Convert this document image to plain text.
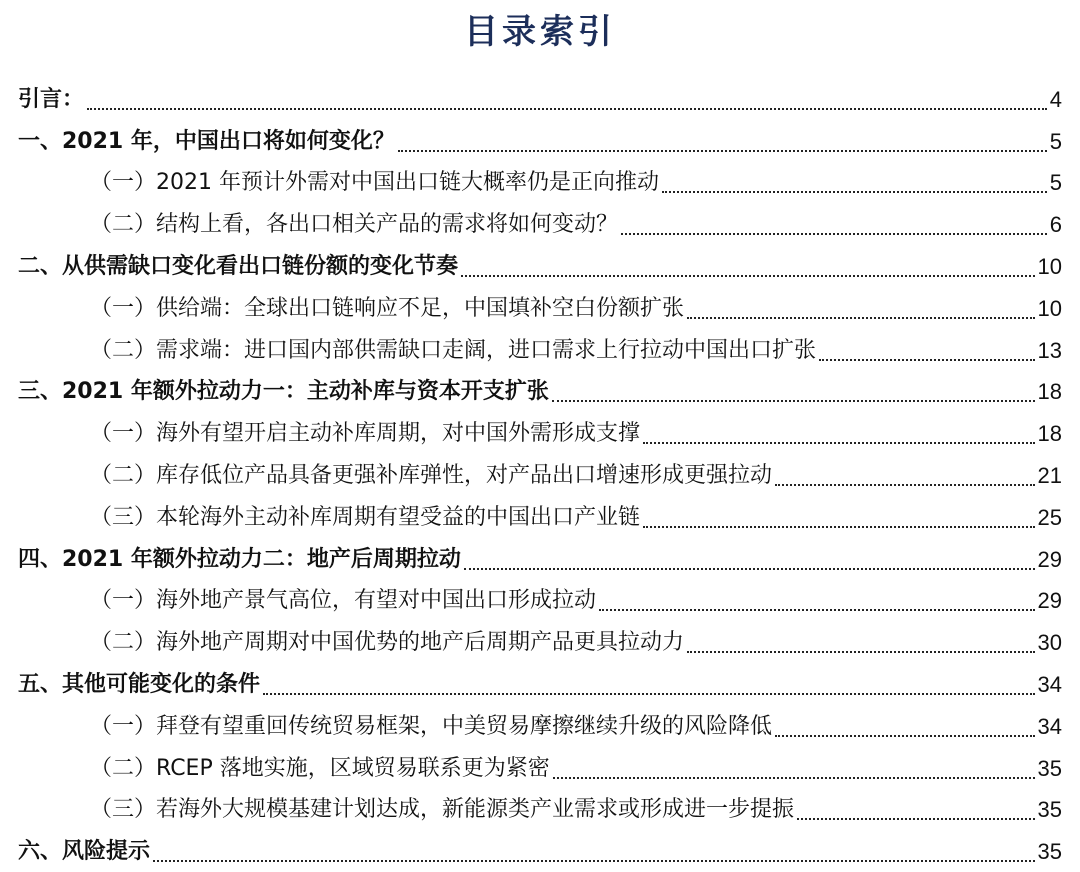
目录索引
引言：	4
一、2021 年，中国出口将如何变化？	5
（一）2021 年预计外需对中国出口链大概率仍是正向推动	5
（二）结构上看，各出口相关产品的需求将如何变动？	6
二、从供需缺口变化看出口链份额的变化节奏	10
（一）供给端：全球出口链响应不足，中国填补空白份额扩张	10
（二）需求端：进口国内部供需缺口走阔，进口需求上行拉动中国出口扩张	13
三、2021 年额外拉动力一：主动补库与资本开支扩张	18
（一）海外有望开启主动补库周期，对中国外需形成支撑	18
（二）库存低位产品具备更强补库弹性，对产品出口增速形成更强拉动	21
（三）本轮海外主动补库周期有望受益的中国出口产业链	25
四、2021 年额外拉动力二：地产后周期拉动	29
（一）海外地产景气高位，有望对中国出口形成拉动	29
（二）海外地产周期对中国优势的地产后周期产品更具拉动力	30
五、其他可能变化的条件	34
（一）拜登有望重回传统贸易框架，中美贸易摩擦继续升级的风险降低	34
（二）RCEP 落地实施，区域贸易联系更为紧密	35
（三）若海外大规模基建计划达成，新能源类产业需求或形成进一步提振	35
六、风险提示	35
